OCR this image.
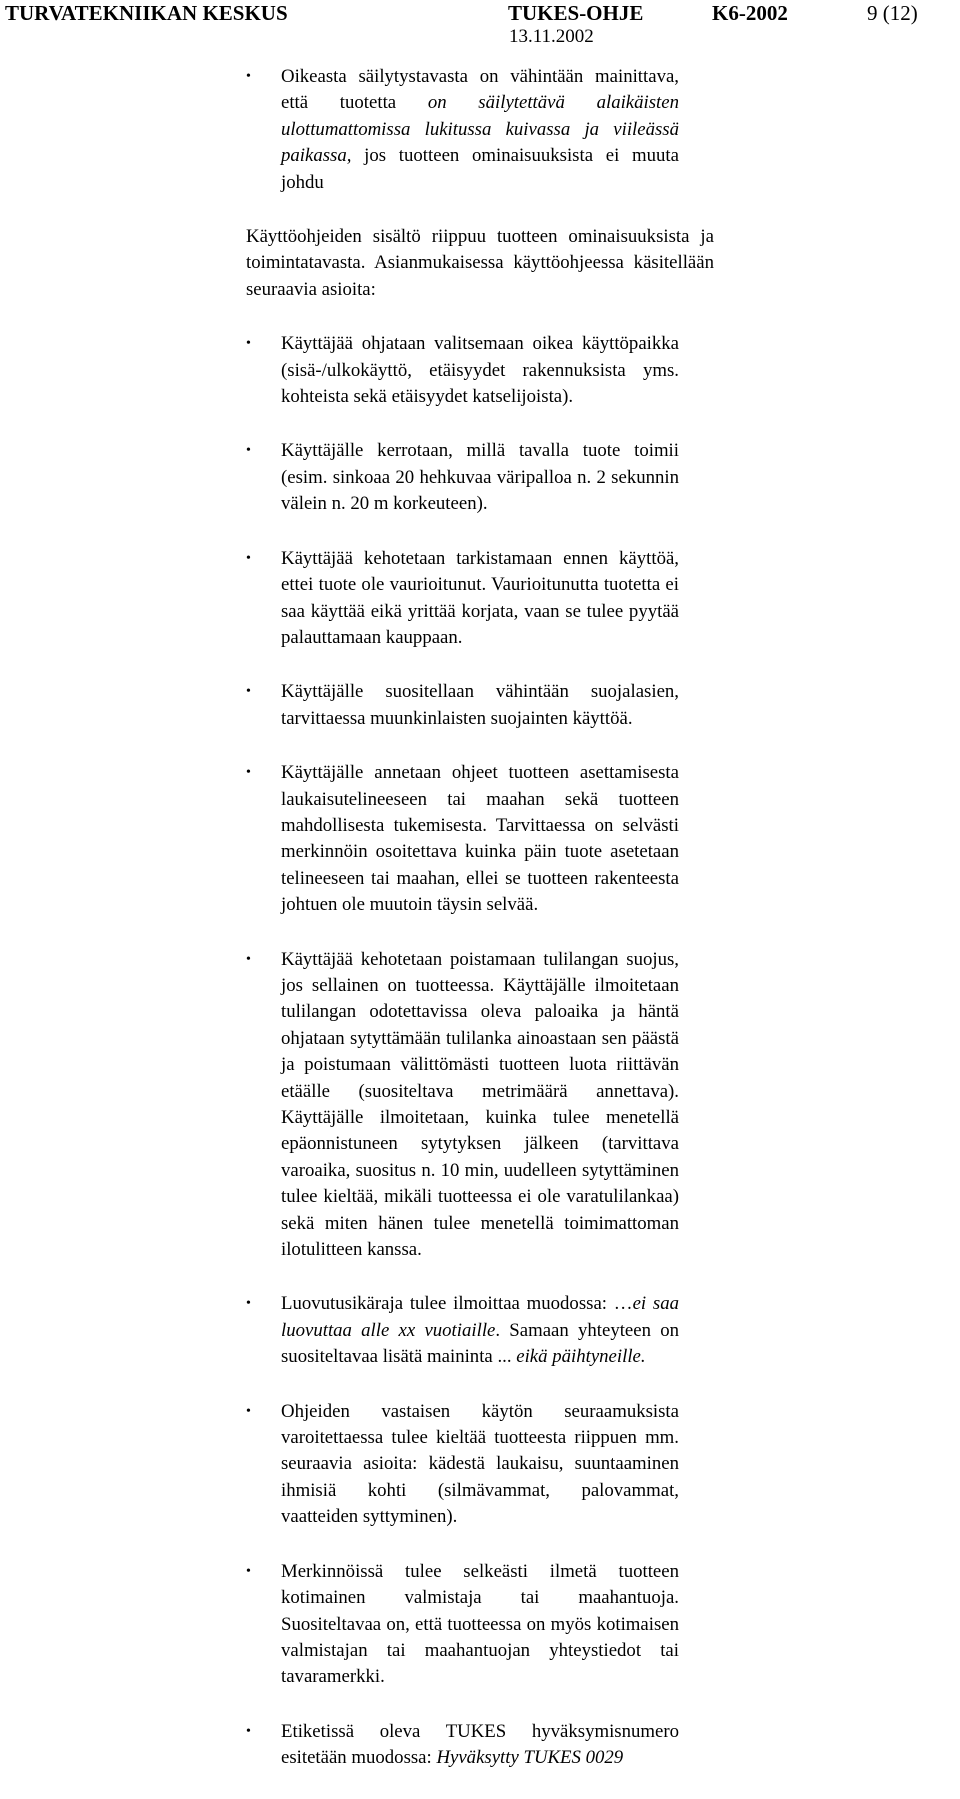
TURVATEKNIIKAN KESKUS	TUKES-OHJE	K6-2002	9 (12)
13.11.2002
• Oikeasta säilytystavasta on vähintään mainittava, että tuotetta on säilytettävä alaikäisten ulottumattomissa lukitussa kuivassa ja viileässä paikassa, jos tuotteen ominaisuuksista ei muuta johdu
Käyttöohjeiden sisältö riippuu tuotteen ominaisuuksista ja toimintatavasta. Asianmukaisessa käyttöohjeessa käsitellään seuraavia asioita:
• Käyttäjää ohjataan valitsemaan oikea käyttöpaikka (sisä-/ulkokäyttö, etäisyydet rakennuksista yms. kohteista sekä etäisyydet katselijoista).
• Käyttäjälle kerrotaan, millä tavalla tuote toimii (esim. sinkoaa 20 hehkuvaa väripalloa n. 2 sekunnin välein n. 20 m korkeuteen).
• Käyttäjää kehotetaan tarkistamaan ennen käyttöä, ettei tuote ole vaurioitunut. Vaurioitunutta tuotetta ei saa käyttää eikä yrittää korjata, vaan se tulee pyytää palauttamaan kauppaan.
• Käyttäjälle suositellaan vähintään suojalasien, tarvittaessa muunkinlaisten suojainten käyttöä.
• Käyttäjälle annetaan ohjeet tuotteen asettamisesta laukaisutelineeseen tai maahan sekä tuotteen mahdollisesta tukemisesta. Tarvittaessa on selvästi merkinnöin osoitettava kuinka päin tuote asetetaan telineeseen tai maahan, ellei se tuotteen rakenteesta johtuen ole muutoin täysin selvää.
• Käyttäjää kehotetaan poistamaan tulilangan suojus, jos sellainen on tuotteessa. Käyttäjälle ilmoitetaan tulilangan odotettavissa oleva paloaika ja häntä ohjataan sytyttämään tulilanka ainoastaan sen päästä ja poistumaan välittömästi tuotteen luota riittävän etäälle (suositeltava metrimäärä annettava). Käyttäjälle ilmoitetaan, kuinka tulee menetellä epäonnistuneen sytytyksen jälkeen (tarvittava varoaika, suositus n. 10 min, uudelleen sytyttäminen tulee kieltää, mikäli tuotteessa ei ole varatulilankaa) sekä miten hänen tulee menetellä toimimattoman ilotulitteen kanssa.
• Luovutusikäraja tulee ilmoittaa muodossa: …ei saa luovuttaa alle xx vuotiaille. Samaan yhteyteen on suositeltavaa lisätä maininta ... eikä päihtyneille.
• Ohjeiden vastaisen käytön seuraamuksista varoitettaessa tulee kieltää tuotteesta riippuen mm. seuraavia asioita: kädestä laukaisu, suuntaaminen ihmisiä kohti (silmävammat, palovammat, vaatteiden syttyminen).
• Merkinnöissä tulee selkeästi ilmetä tuotteen kotimainen valmistaja tai maahantuoja. Suositeltavaa on, että tuotteessa on myös kotimaisen valmistajan tai maahantuojan yhteystiedot tai tavaramerkki.
• Etiketissä oleva TUKES hyväksymisnumero esitetään muodossa: Hyväksytty TUKES 0029
